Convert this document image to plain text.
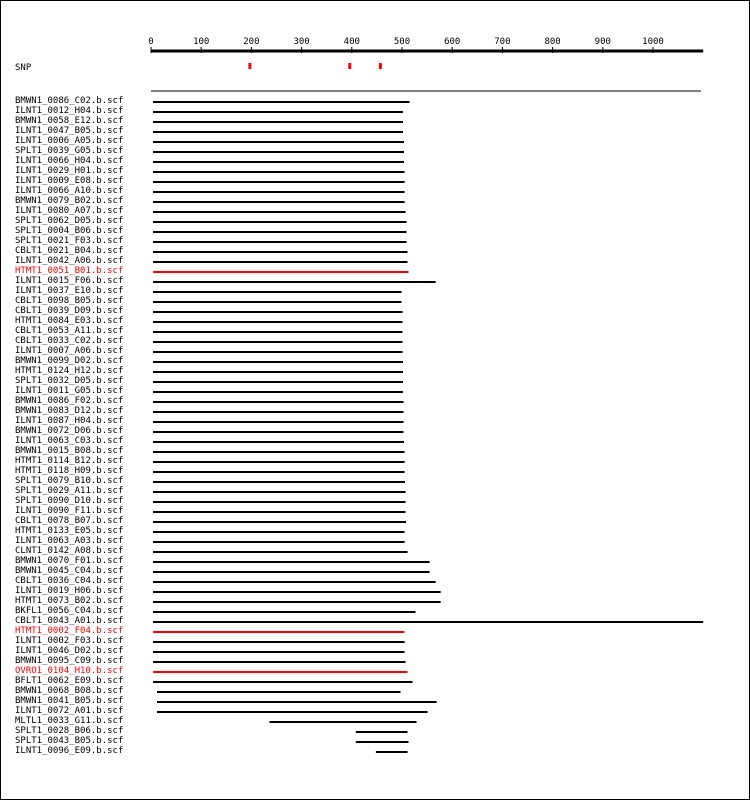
0	100	200	300	400	500	600	700	800	900	1000
SNP
BMWN1_0086_C02.b.scf
ILNT1_0012_H04.b.scf
BMWN1_0058_E12.b.scf
ILNT1_0047_B05.b.scf
ILNT1_0006_A05.b.scf
SPLT1_0039_G05.b.scf
ILNT1_0066_H04.b.scf
ILNT1_0029_H01.b.scf
ILNT1_0009_E08.b.scf
ILNT1_0066_A10.b.scf
BMWN1_0079_B02.b.scf
ILNT1_0080_A07.b.scf
SPLT1_0062_D05.b.scf
SPLT1_0004_B06.b.scf
SPLT1_0021_F03.b.scf
CBLT1_0021_B04.b.scf
ILNT1_0042_A06.b.scf
HTMT1_0051_B01.b.scf
ILNT1_0015_F06.b.scf
ILNT1_0037_E10.b.scf
CBLT1_0098_B05.b.scf
CBLT1_0039_D09.b.scf
HTMT1_0084_E03.b.scf
CBLT1_0053_A11.b.scf
CBLT1_0033_C02.b.scf
ILNT1_0007_A06.b.scf
BMWN1_0099_D02.b.scf
HTMT1_0124_H12.b.scf
SPLT1_0032_D05.b.scf
ILNT1_0011_G05.b.scf
BMWN1_0086_F02.b.scf
BMWN1_0083_D12.b.scf
ILNT1_0087_H04.b.scf
BMWN1_0072_D06.b.scf
ILNT1_0063_C03.b.scf
BMWN1_0015_B08.b.scf
HTMT1_0114_B12.b.scf
HTMT1_0118_H09.b.scf
SPLT1_0079_B10.b.scf
SPLT1_0029_A11.b.scf
SPLT1_0090_D10.b.scf
ILNT1_0090_F11.b.scf
CBLT1_0078_B07.b.scf
HTMT1_0133_E05.b.scf
ILNT1_0063_A03.b.scf
CLNT1_0142_A08.b.scf
BMWN1_0070_F01.b.scf
BMWN1_0045_C04.b.scf
CBLT1_0036_C04.b.scf
ILNT1_0019_H06.b.scf
HTMT1_0073_B02.b.scf
BKFL1_0056_C04.b.scf
CBLT1_0043_A01.b.scf
HTMT1_0002_F04.b.scf
ILNT1_0002_F03.b.scf
ILNT1_0046_D02.b.scf
BMWN1_0095_C09.b.scf
OVRO1_0104_H10.b.scf
BFLT1_0062_E09.b.scf
BMWN1_0068_B08.b.scf
BMWN1_0041_B05.b.scf
ILNT1_0072_A01.b.scf
MLTL1_0033_G11.b.scf
SPLT1_0028_B06.b.scf
SPLT1_0043_B05.b.scf
ILNT1_0096_E09.b.scf
